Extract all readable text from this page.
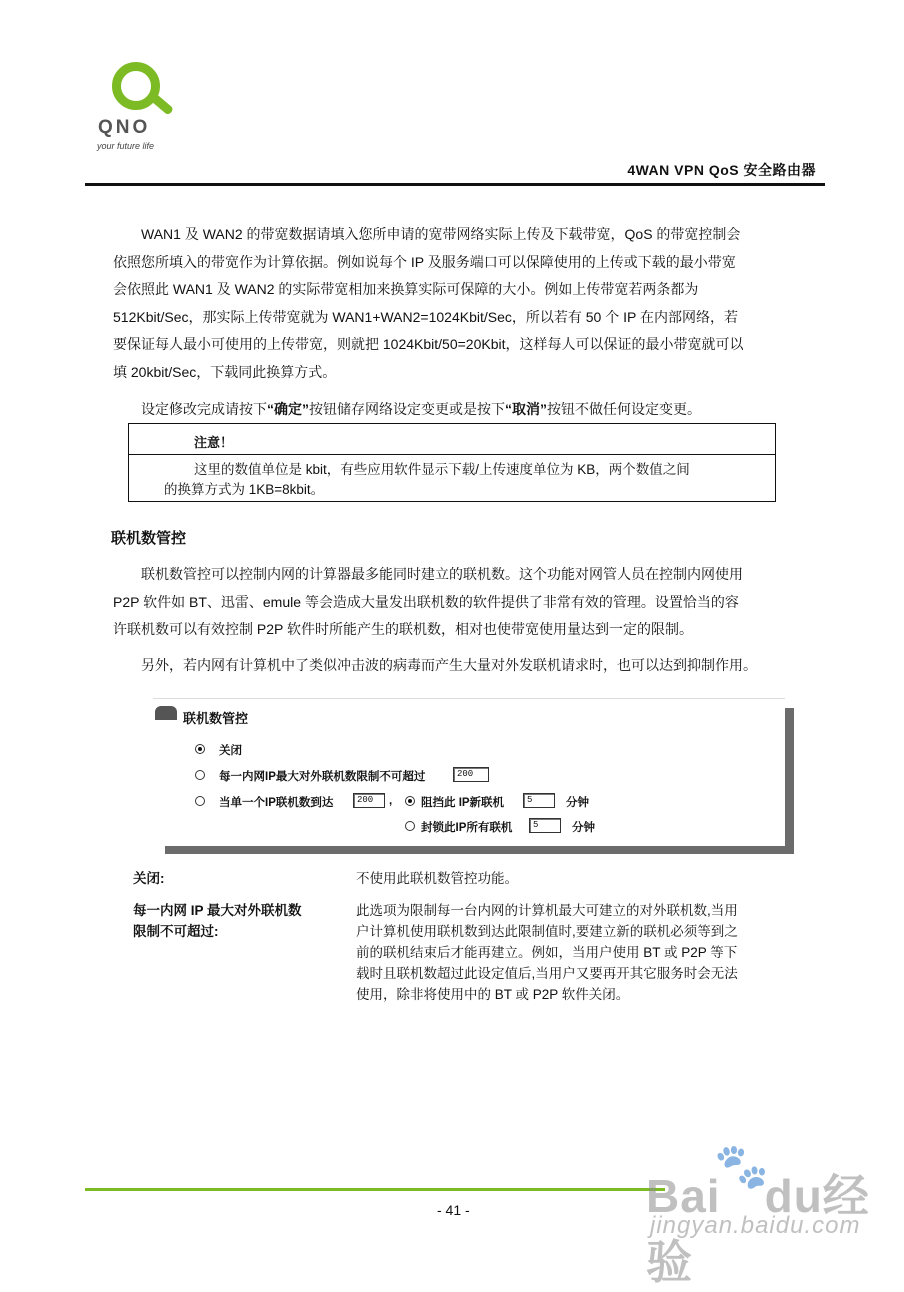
QNO
your future life
4WAN VPN QoS 安全路由器
WAN1 及 WAN2 的带宽数据请填入您所申请的宽带网络实际上传及下载带宽，QoS 的带宽控制会
依照您所填入的带宽作为计算依据。例如说每个 IP 及服务端口可以保障使用的上传或下载的最小带宽
会依照此 WAN1 及 WAN2 的实际带宽相加来换算实际可保障的大小。例如上传带宽若两条都为
512Kbit/Sec，那实际上传带宽就为 WAN1+WAN2=1024Kbit/Sec，所以若有 50 个 IP 在内部网络，若
要保证每人最小可使用的上传带宽，则就把 1024Kbit/50=20Kbit，这样每人可以保证的最小带宽就可以
填 20kbit/Sec，下载同此换算方式。

设定修改完成请按下“确定”按钮储存网络设定变更或是按下“取消”按钮不做任何设定变更。

注意！
这里的数值单位是 kbit，有些应用软件显示下载/上传速度单位为 KB，两个数值之间
的换算方式为 1KB=8kbit。
联机数管控
联机数管控可以控制内网的计算器最多能同时建立的联机数。这个功能对网管人员在控制内网使用
P2P 软件如 BT、迅雷、emule 等会造成大量发出联机数的软件提供了非常有效的管理。设置恰当的容
许联机数可以有效控制 P2P 软件时所能产生的联机数，相对也使带宽使用量达到一定的限制。

另外，若内网有计算机中了类似冲击波的病毒而产生大量对外发联机请求时，也可以达到抑制作用。

联机数管控
关闭
每一内网IP最大对外联机数限制不可超过	200
当单一个IP联机数到达	200	,	阻挡此 IP新联机	5	分钟
封锁此IP所有联机	5	分钟
关闭:	不使用此联机数管控功能。
每一内网 IP 最大对外联机数
限制不可超过:
此选项为限制每一台内网的计算机最大可建立的对外联机数,当用
户计算机使用联机数到达此限制值时,要建立新的联机必须等到之
前的联机结束后才能再建立。例如，当用户使用 BT 或 P2P 等下
载时且联机数超过此设定值后,当用户又要再开其它服务时会无法
使用，除非将使用中的 BT 或 P2P 软件关闭。
- 41 -	Bai du经验
🐾
jingyan.baidu.com
